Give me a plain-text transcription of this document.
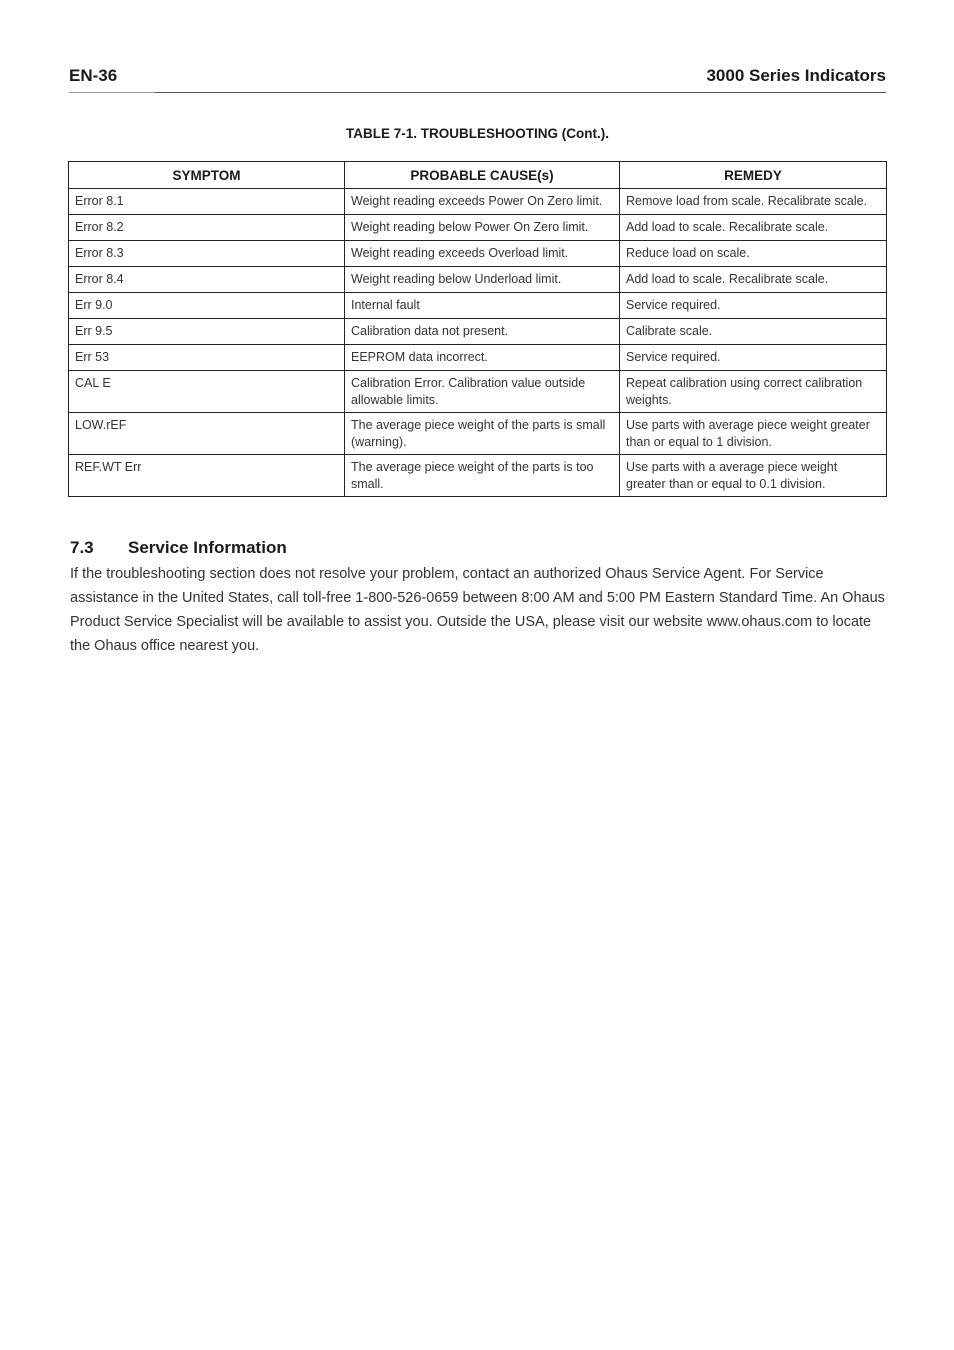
EN-36	3000 Series Indicators
TABLE 7-1. TROUBLESHOOTING (Cont.).
SYMPTOM	PROBABLE CAUSE(s)	REMEDY
Error 8.1	Weight reading exceeds Power On Zero limit.	Remove load from scale. Recalibrate scale.
Error 8.2	Weight reading below Power On Zero limit.	Add load to scale. Recalibrate scale.
Error 8.3	Weight reading exceeds Overload limit.	Reduce load on scale.
Error 8.4	Weight reading below Underload limit.	Add load to scale. Recalibrate scale.
Err 9.0	Internal fault	Service required.
Err 9.5	Calibration data not present.	Calibrate scale.
Err 53	EEPROM data incorrect.	Service required.
CAL E	Calibration Error. Calibration value outside allowable limits.	Repeat calibration using correct calibration weights.
LOW.rEF	The average piece weight of the parts is small (warning).	Use parts with average piece weight greater than or equal to 1 division.
REF.WT Err	The average piece weight of the parts is too small.	Use parts with a average piece weight greater than or equal to 0.1 division.
7.3 Service Information
If the troubleshooting section does not resolve your problem, contact an authorized Ohaus Service Agent. For Service assistance in the United States, call toll-free 1-800-526-0659 between 8:00 AM and 5:00 PM Eastern Standard Time. An Ohaus Product Service Specialist will be available to assist you. Outside the USA, please visit our website www.ohaus.com to locate the Ohaus office nearest you.
